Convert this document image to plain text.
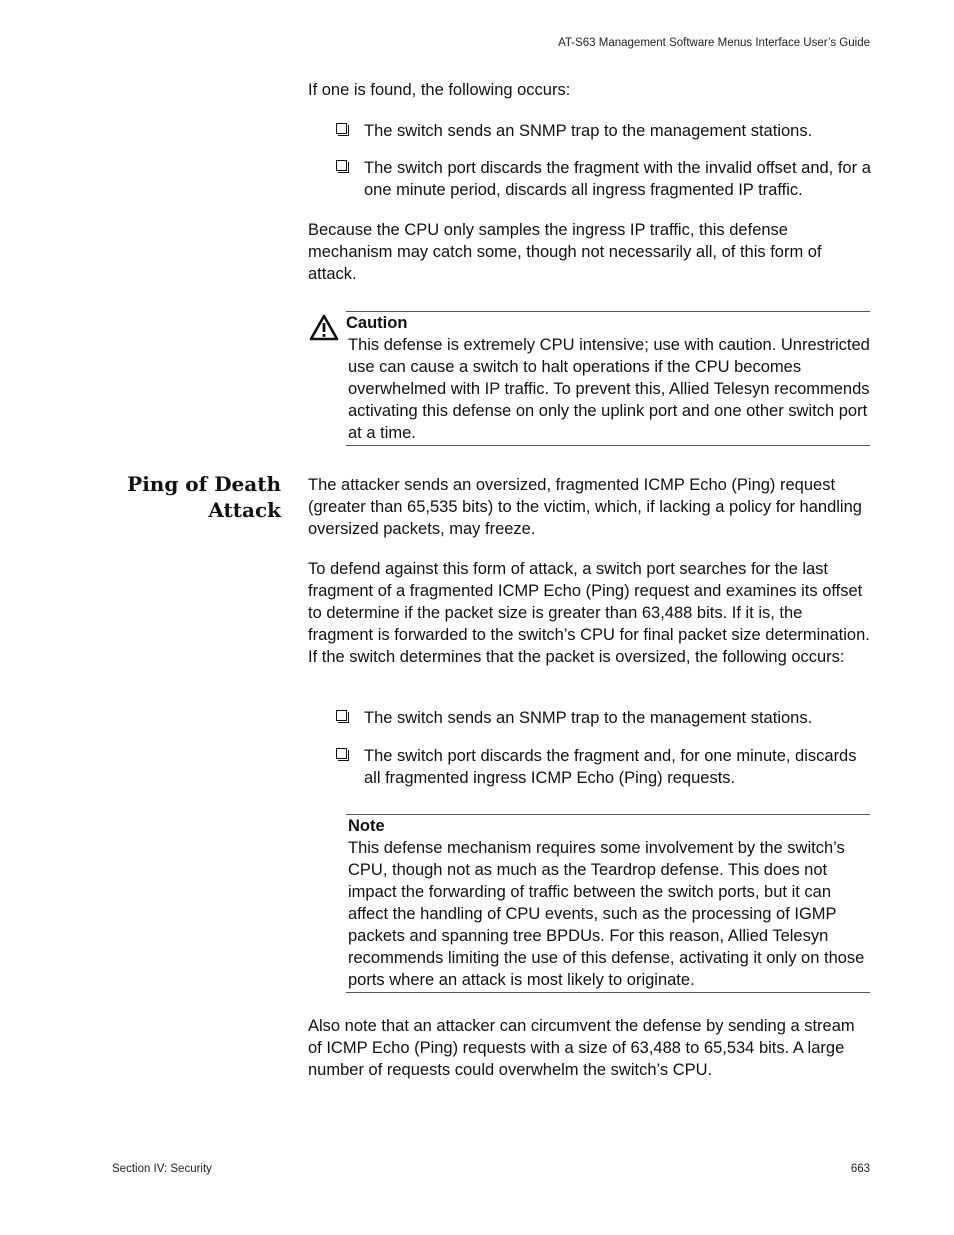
AT-S63 Management Software Menus Interface User’s Guide
If one is found, the following occurs:
The switch sends an SNMP trap to the management stations.
The switch port discards the fragment with the invalid offset and, for a one minute period, discards all ingress fragmented IP traffic.
Because the CPU only samples the ingress IP traffic, this defense mechanism may catch some, though not necessarily all, of this form of attack.
Caution
This defense is extremely CPU intensive; use with caution. Unrestricted use can cause a switch to halt operations if the CPU becomes overwhelmed with IP traffic. To prevent this, Allied Telesyn recommends activating this defense on only the uplink port and one other switch port at a time.
Ping of Death
Attack
The attacker sends an oversized, fragmented ICMP Echo (Ping) request (greater than 65,535 bits) to the victim, which, if lacking a policy for handling oversized packets, may freeze.
To defend against this form of attack, a switch port searches for the last fragment of a fragmented ICMP Echo (Ping) request and examines its offset to determine if the packet size is greater than 63,488 bits. If it is, the fragment is forwarded to the switch’s CPU for final packet size determination. If the switch determines that the packet is oversized, the following occurs:
The switch sends an SNMP trap to the management stations.
The switch port discards the fragment and, for one minute, discards all fragmented ingress ICMP Echo (Ping) requests.
Note
This defense mechanism requires some involvement by the switch’s CPU, though not as much as the Teardrop defense. This does not impact the forwarding of traffic between the switch ports, but it can affect the handling of CPU events, such as the processing of IGMP packets and spanning tree BPDUs. For this reason, Allied Telesyn recommends limiting the use of this defense, activating it only on those ports where an attack is most likely to originate.
Also note that an attacker can circumvent the defense by sending a stream of ICMP Echo (Ping) requests with a size of 63,488 to 65,534 bits. A large number of requests could overwhelm the switch’s CPU.
Section IV: Security	663
